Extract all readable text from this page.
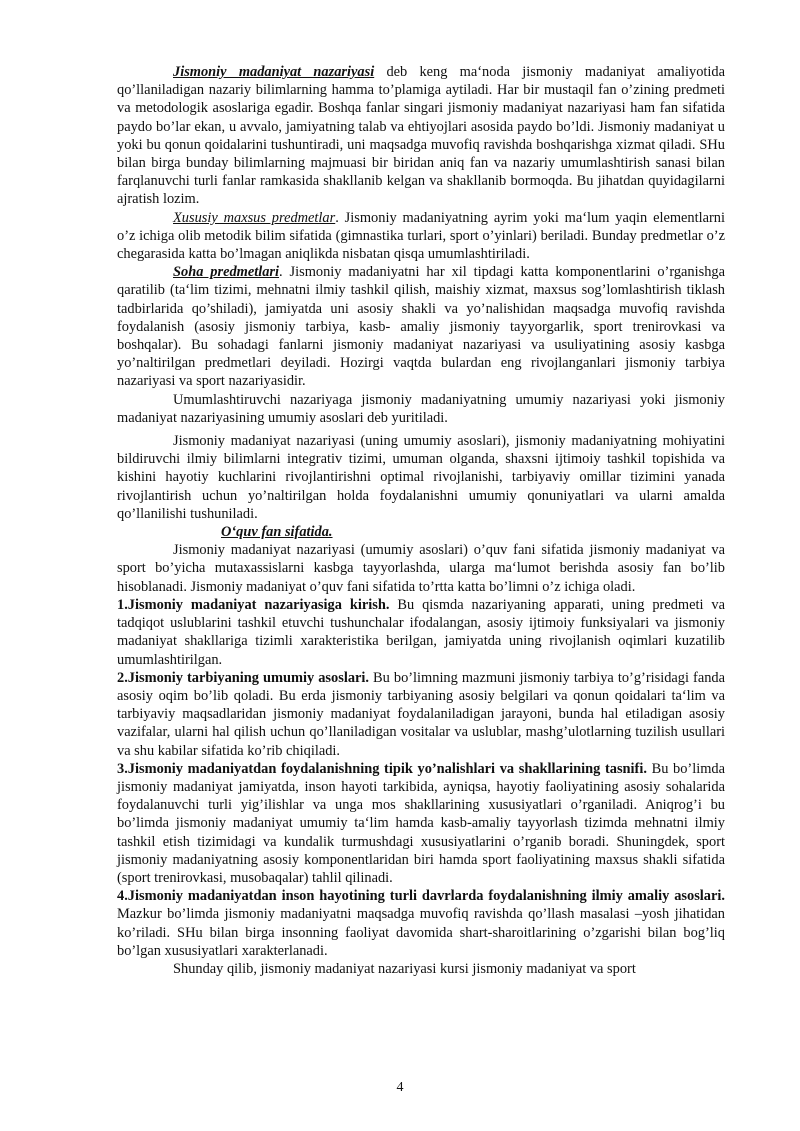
Jismoniy madaniyat nazariyasi deb keng ma‘noda jismoniy madaniyat amaliyotida qo’llaniladigan nazariy bilimlarning hamma to’plamiga aytiladi. Har bir mustaqil fan o’zining predmeti va metodologik asoslariga egadir. Boshqa fanlar singari jismoniy madaniyat nazariyasi ham fan sifatida paydo bo’lar ekan, u avvalo, jamiyatning talab va ehtiyojlari asosida paydo bo’ldi. Jismoniy madaniyat u yoki bu qonun qoidalarini tushuntiradi, uni maqsadga muvofiq ravishda boshqarishga xizmat qiladi. SHu bilan birga bunday bilimlarning majmuasi bir biridan aniq fan va nazariy umumlashtirish sanasi bilan farqlanuvchi turli fanlar ramkasida shakllanib kelgan va shakllanib bormoqda. Bu jihatdan quyidagilarni ajratish lozim.

Xususiy maxsus predmetlar. Jismoniy madaniyatning ayrim yoki ma‘lum yaqin elementlarni o’z ichiga olib metodik bilim sifatida (gimnastika turlari, sport o’yinlari) beriladi. Bunday predmetlar o’z chegarasida katta bo’lmagan aniqlikda nisbatan qisqa umumlashtiriladi.

Soha predmetlari. Jismoniy madaniyatni har xil tipdagi katta komponentlarini o’rganishga qaratilib (ta‘lim tizimi, mehnatni ilmiy tashkil qilish, maishiy xizmat, maxsus sog’lomlashtirish tiklash tadbirlarida qo’shiladi), jamiyatda uni asosiy shakli va yo’nalishidan maqsadga muvofiq ravishda foydalanish (asosiy jismoniy tarbiya, kasb- amaliy jismoniy tayyorgarlik, sport trenirovkasi va boshqalar). Bu sohadagi fanlarni jismoniy madaniyat nazariyasi va usuliyatining asosiy kasbga yo’naltirilgan predmetlari deyiladi. Hozirgi vaqtda bulardan eng rivojlanganlari jismoniy tarbiya nazariyasi va sport nazariyasidir.

Umumlashtiruvchi nazariyaga jismoniy madaniyatning umumiy nazariyasi yoki jismoniy madaniyat nazariyasining umumiy asoslari deb yuritiladi.

Jismoniy madaniyat nazariyasi (uning umumiy asoslari), jismoniy madaniyatning mohiyatini bildiruvchi ilmiy bilimlarni integrativ tizimi, umuman olganda, shaxsni ijtimoiy tashkil topishida va kishini hayotiy kuchlarini rivojlantirishni optimal rivojlanishi, tarbiyaviy omillar tizimini yanada rivojlantirish uchun yo’naltirilgan holda foydalanishni umumiy qonuniyatlari va ularni amalda qo’llanilishi tushuniladi.

O‘quv fan sifatida.

Jismoniy madaniyat nazariyasi (umumiy asoslari) o’quv fani sifatida jismoniy madaniyat va sport bo’yicha mutaxassislarni kasbga tayyorlashda, ularga ma‘lumot berishda asosiy fan bo’lib hisoblanadi. Jismoniy madaniyat o’quv fani sifatida to’rtta katta bo’limni o’z ichiga oladi.

1.Jismoniy madaniyat nazariyasiga kirish. Bu qismda nazariyaning apparati, uning predmeti va tadqiqot uslublarini tashkil etuvchi tushunchalar ifodalangan, asosiy ijtimoiy funksiyalari va jismoniy madaniyat shakllariga tizimli xarakteristika berilgan, jamiyatda uning rivojlanish oqimlari kuzatilib umumlashtirilgan.

2.Jismoniy tarbiyaning umumiy asoslari. Bu bo’limning mazmuni jismoniy tarbiya to’g’risidagi fanda asosiy oqim bo’lib qoladi. Bu erda jismoniy tarbiyaning asosiy belgilari va qonun qoidalari ta‘lim va tarbiyaviy maqsadlaridan jismoniy madaniyat foydalaniladigan jarayoni, bunda hal etiladigan asosiy vazifalar, ularni hal qilish uchun qo’llaniladigan vositalar va uslublar, mashg’ulotlarning tuzilish usullari va shu kabilar sifatida ko’rib chiqiladi.

3.Jismoniy madaniyatdan foydalanishning tipik yo’nalishlari va shakllarining tasnifi. Bu bo’limda jismoniy madaniyat jamiyatda, inson hayoti tarkibida, ayniqsa, hayotiy faoliyatining asosiy sohalarida foydalanuvchi turli yig’ilishlar va unga mos shakllarining xususiyatlari o’rganiladi. Aniqrog’i bu bo’limda jismoniy madaniyat umumiy ta‘lim hamda kasb-amaliy tayyorlash tizimda mehnatni ilmiy tashkil etish tizimidagi va kundalik turmushdagi xususiyatlarini o’rganib boradi. Shuningdek, sport jismoniy madaniyatning asosiy komponentlaridan biri hamda sport faoliyatining maxsus shakli sifatida (sport trenirovkasi, musobaqalar) tahlil qilinadi.

4.Jismoniy madaniyatdan inson hayotining turli davrlarda foydalanishning ilmiy amaliy asoslari. Mazkur bo’limda jismoniy madaniyatni maqsadga muvofiq ravishda qo’llash masalasi –yosh jihatidan ko’riladi. SHu bilan birga insonning faoliyat davomida shart-sharoitlarining o’zgarishi bilan bog’liq bo’lgan xususiyatlari xarakterlanadi.

Shunday qilib, jismoniy madaniyat nazariyasi kursi jismoniy madaniyat va sport

4
